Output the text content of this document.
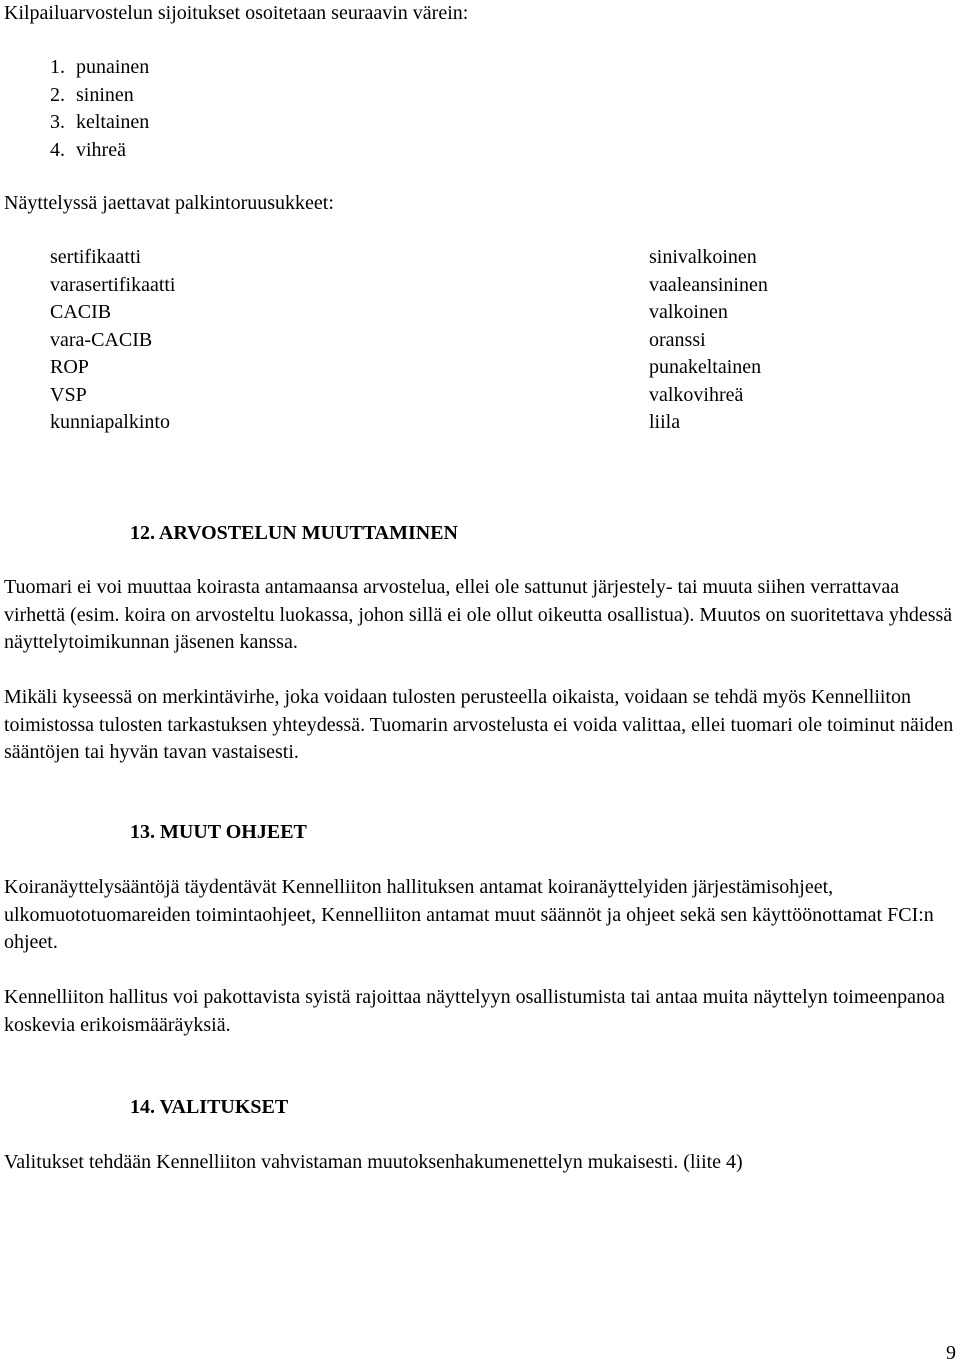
Kilpailuarvostelun sijoitukset osoitetaan seuraavin värein:
1. punainen
2. sininen
3. keltainen
4. vihreä
Näyttelyssä jaettavat palkintoruusukkeet:
sertifikaatti
varasertifikaatti
CACIB
vara-CACIB
ROP
VSP
kunniapalkinto
sinivalkoinen
vaaleansininen
valkoinen
oranssi
punakeltainen
valkovihreä
liila
12. ARVOSTELUN MUUTTAMINEN

Tuomari ei voi muuttaa koirasta antamaansa arvostelua, ellei ole sattunut järjestely- tai muuta siihen verrattavaa virhettä (esim. koira on arvosteltu luokassa, johon sillä ei ole ollut oikeutta osallistua). Muutos on suoritettava yhdessä näyttelytoimikunnan jäsenen kanssa.

Mikäli kyseessä on merkintävirhe, joka voidaan tulosten perusteella oikaista, voidaan se tehdä myös Kennelliiton toimistossa tulosten tarkastuksen yhteydessä. Tuomarin arvostelusta ei voida valittaa, ellei tuomari ole toiminut näiden sääntöjen tai hyvän tavan vastaisesti.

13. MUUT OHJEET

Koiranäyttelysääntöjä täydentävät Kennelliiton hallituksen antamat koiranäyttelyiden järjestämisohjeet, ulkomuototuomareiden toimintaohjeet, Kennelliiton antamat muut säännöt ja ohjeet sekä sen käyttöönottamat FCI:n ohjeet.

Kennelliiton hallitus voi pakottavista syistä rajoittaa näyttelyyn osallistumista tai antaa muita näyttelyn toimeenpanoa koskevia erikoismääräyksiä.

14. VALITUKSET

Valitukset tehdään Kennelliiton vahvistaman muutoksenhakumenettelyn mukaisesti. (liite 4)

9
